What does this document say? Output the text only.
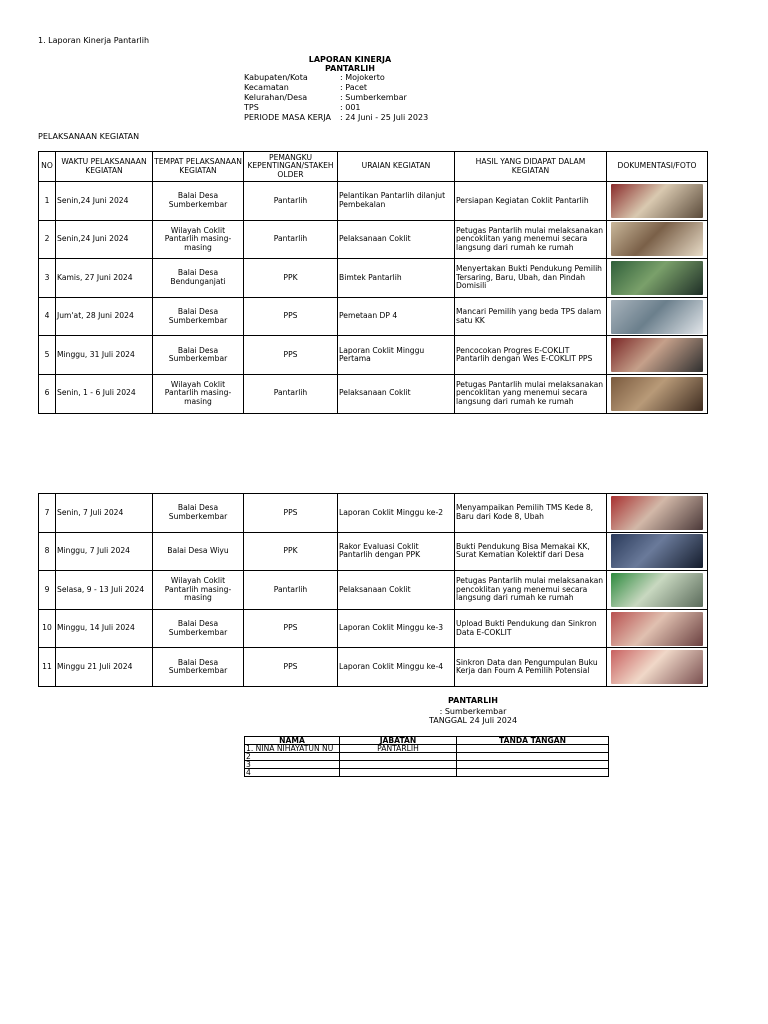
1. Laporan Kinerja Pantarlih
LAPORAN KINERJA
PANTARLIH
Kabupaten/Kota	: Mojokerto
Kecamatan	: Pacet
Kelurahan/Desa	: Sumberkembar
TPS	: 001
PERIODE MASA KERJA	: 24 Juni - 25 Juli 2023
PELAKSANAAN KEGIATAN
NO	WAKTU PELAKSANAAN KEGIATAN	TEMPAT PELAKSANAAN KEGIATAN	PEMANGKU KEPENTINGAN/STAKEH OLDER	URAIAN KEGIATAN	HASIL YANG DIDAPAT DALAM KEGIATAN	DOKUMENTASI/FOTO
1	Senin,24 Juni 2024	Balai Desa Sumberkembar	Pantarlih	Pelantikan Pantarlih dilanjut Pembekalan	Persiapan Kegiatan Coklit Pantarlih	

2	Senin,24 Juni 2024	Wilayah Coklit Pantarlih masing-masing	Pantarlih	Pelaksanaan Coklit	Petugas Pantarlih mulai melaksanakan pencoklitan yang menemui secara langsung dari rumah ke rumah	

3	Kamis, 27 Juni 2024	Balai Desa Bendunganjati	PPK	Bimtek Pantarlih	Menyertakan Bukti Pendukung Pemilih Tersaring, Baru, Ubah, dan Pindah Domisili	

4	Jum'at, 28 Juni 2024	Balai Desa Sumberkembar	PPS	Pemetaan DP 4	Mancari Pemilih yang beda TPS dalam satu KK	

5	Minggu, 31 Juli 2024	Balai Desa Sumberkembar	PPS	Laporan Coklit Minggu Pertama	Pencocokan Progres E-COKLIT Pantarlih dengan Wes E-COKLIT PPS	

6	Senin, 1 - 6 Juli 2024	Wilayah Coklit Pantarlih masing-masing	Pantarlih	Pelaksanaan Coklit	Petugas Pantarlih mulai melaksanakan pencoklitan yang menemui secara langsung dari rumah ke rumah	
7	Senin, 7 Juli 2024	Balai Desa Sumberkembar	PPS	Laporan Coklit Minggu ke-2	Menyampaikan Pemilih TMS Kede 8, Baru dari Kode 8, Ubah	

8	Minggu, 7 Juli 2024	Balai Desa Wiyu	PPK	Rakor Evaluasi Coklit Pantarlih dengan PPK	Bukti Pendukung Bisa Memakai KK, Surat Kematian Kolektif dari Desa	

9	Selasa, 9 - 13 Juli 2024	Wilayah Coklit Pantarlih masing-masing	Pantarlih	Pelaksanaan Coklit	Petugas Pantarlih mulai melaksanakan pencoklitan yang menemui secara langsung dari rumah ke rumah	

10	Minggu, 14 Juli 2024	Balai Desa Sumberkembar	PPS	Laporan Coklit Minggu ke-3	Upload Bukti Pendukung dan Sinkron Data E-COKLIT	

11	Minggu 21 Juli 2024	Balai Desa Sumberkembar	PPS	Laporan Coklit Minggu ke-4	Sinkron Data dan Pengumpulan Buku Kerja dan Foum A Pemilih Potensial	
PANTARLIH
: Sumberkembar
TANGGAL 24 Juli 2024
NAMA	JABATAN	TANDA TANGAN
1. NINA NIHAYATUN NU	PANTARLIH	
2		
3		
4		
